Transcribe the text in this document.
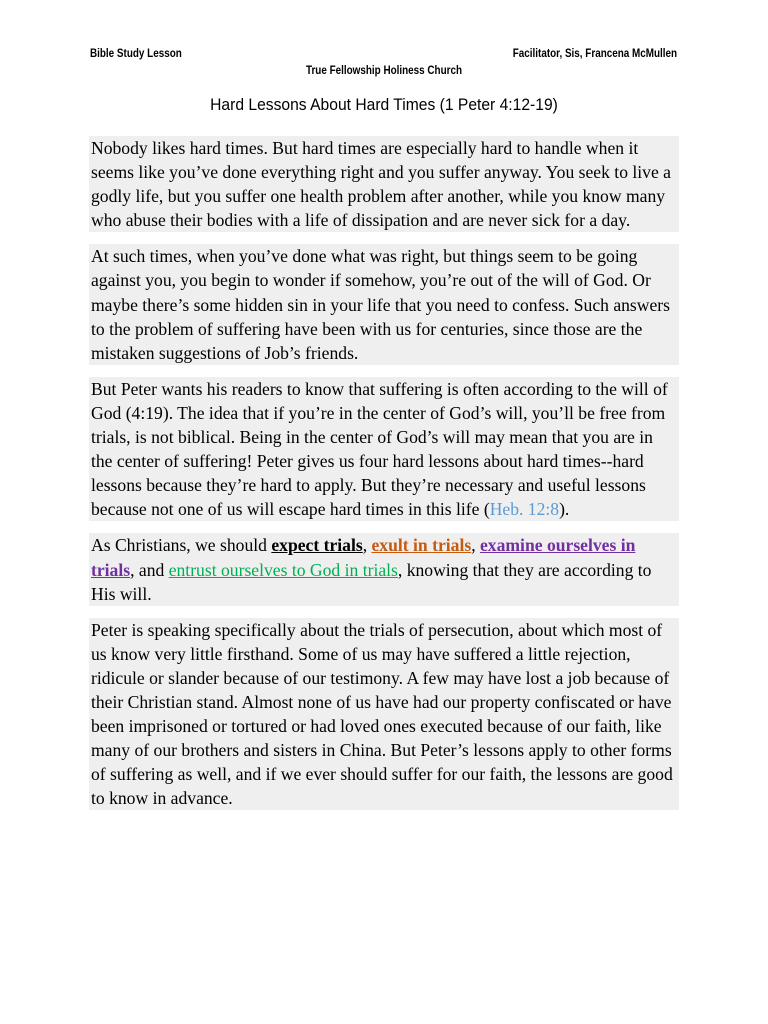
Bible Study Lesson	Facilitator, Sis, Francena McMullen
True Fellowship Holiness Church
Hard Lessons About Hard Times (1 Peter 4:12-19)

Nobody likes hard times. But hard times are especially hard to handle when it seems like you’ve done everything right and you suffer anyway. You seek to live a godly life, but you suffer one health problem after another, while you know many who abuse their bodies with a life of dissipation and are never sick for a day.

At such times, when you’ve done what was right, but things seem to be going against you, you begin to wonder if somehow, you’re out of the will of God. Or maybe there’s some hidden sin in your life that you need to confess. Such answers to the problem of suffering have been with us for centuries, since those are the mistaken suggestions of Job’s friends.

But Peter wants his readers to know that suffering is often according to the will of God (4:19). The idea that if you’re in the center of God’s will, you’ll be free from trials, is not biblical. Being in the center of God’s will may mean that you are in the center of suffering! Peter gives us four hard lessons about hard times--hard lessons because they’re hard to apply. But they’re necessary and useful lessons because not one of us will escape hard times in this life (Heb. 12:8).

As Christians, we should expect trials, exult in trials, examine ourselves in trials, and entrust ourselves to God in trials, knowing that they are according to His will.

Peter is speaking specifically about the trials of persecution, about which most of us know very little firsthand. Some of us may have suffered a little rejection, ridicule or slander because of our testimony. A few may have lost a job because of their Christian stand. Almost none of us have had our property confiscated or have been imprisoned or tortured or had loved ones executed because of our faith, like many of our brothers and sisters in China. But Peter’s lessons apply to other forms of suffering as well, and if we ever should suffer for our faith, the lessons are good to know in advance.
